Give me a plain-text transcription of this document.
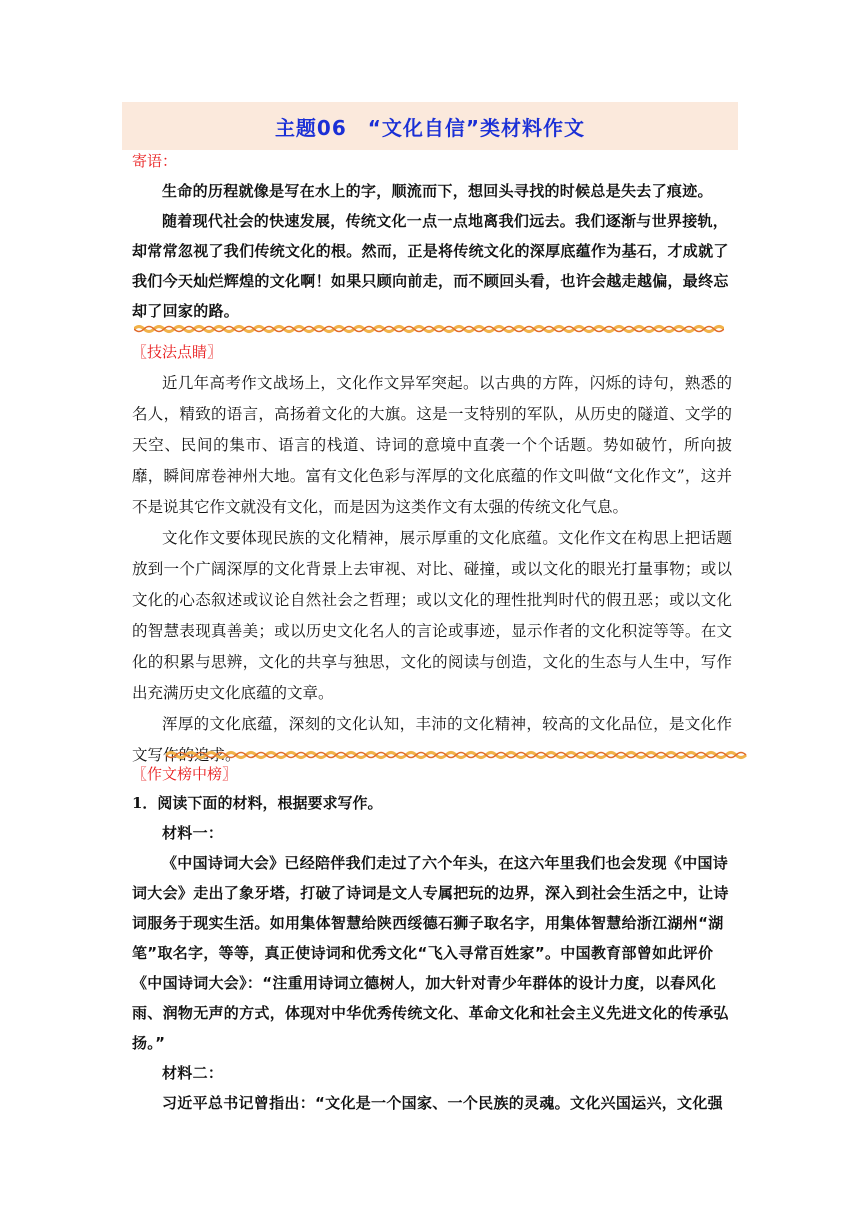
主题06　“文化自信”类材料作文
寄语：

生命的历程就像是写在水上的字，顺流而下，想回头寻找的时候总是失去了痕迹。

随着现代社会的快速发展，传统文化一点一点地离我们远去。我们逐渐与世界接轨，却常常忽视了我们传统文化的根。然而，正是将传统文化的深厚底蕴作为基石，才成就了我们今天灿烂辉煌的文化啊！如果只顾向前走，而不顾回头看，也许会越走越偏，最终忘却了回家的路。

〖技法点睛〗

近几年高考作文战场上，文化作文异军突起。以古典的方阵，闪烁的诗句，熟悉的名人，精致的语言，高扬着文化的大旗。这是一支特别的军队，从历史的隧道、文学的天空、民间的集市、语言的栈道、诗词的意境中直袭一个个话题。势如破竹，所向披靡，瞬间席卷神州大地。富有文化色彩与浑厚的文化底蕴的作文叫做“文化作文”，这并不是说其它作文就没有文化，而是因为这类作文有太强的传统文化气息。

文化作文要体现民族的文化精神，展示厚重的文化底蕴。文化作文在构思上把话题放到一个广阔深厚的文化背景上去审视、对比、碰撞，或以文化的眼光打量事物；或以文化的心态叙述或议论自然社会之哲理；或以文化的理性批判时代的假丑恶；或以文化的智慧表现真善美；或以历史文化名人的言论或事迹，显示作者的文化积淀等等。在文化的积累与思辨，文化的共享与独思，文化的阅读与创造，文化的生态与人生中，写作出充满历史文化底蕴的文章。

浑厚的文化底蕴，深刻的文化认知，丰沛的文化精神，较高的文化品位，是文化作文写作的追求。

〖作文榜中榜〗
1．阅读下面的材料，根据要求写作。

材料一：

《中国诗词大会》已经陪伴我们走过了六个年头，在这六年里我们也会发现《中国诗词大会》走出了象牙塔，打破了诗词是文人专属把玩的边界，深入到社会生活之中，让诗词服务于现实生活。如用集体智慧给陕西绥德石狮子取名字，用集体智慧给浙江湖州“湖笔”取名字，等等，真正使诗词和优秀文化“飞入寻常百姓家”。中国教育部曾如此评价《中国诗词大会》：“注重用诗词立德树人，加大针对青少年群体的设计力度，以春风化雨、润物无声的方式，体现对中华优秀传统文化、革命文化和社会主义先进文化的传承弘扬。”

材料二：

习近平总书记曾指出：“文化是一个国家、一个民族的灵魂。文化兴国运兴，文化强
